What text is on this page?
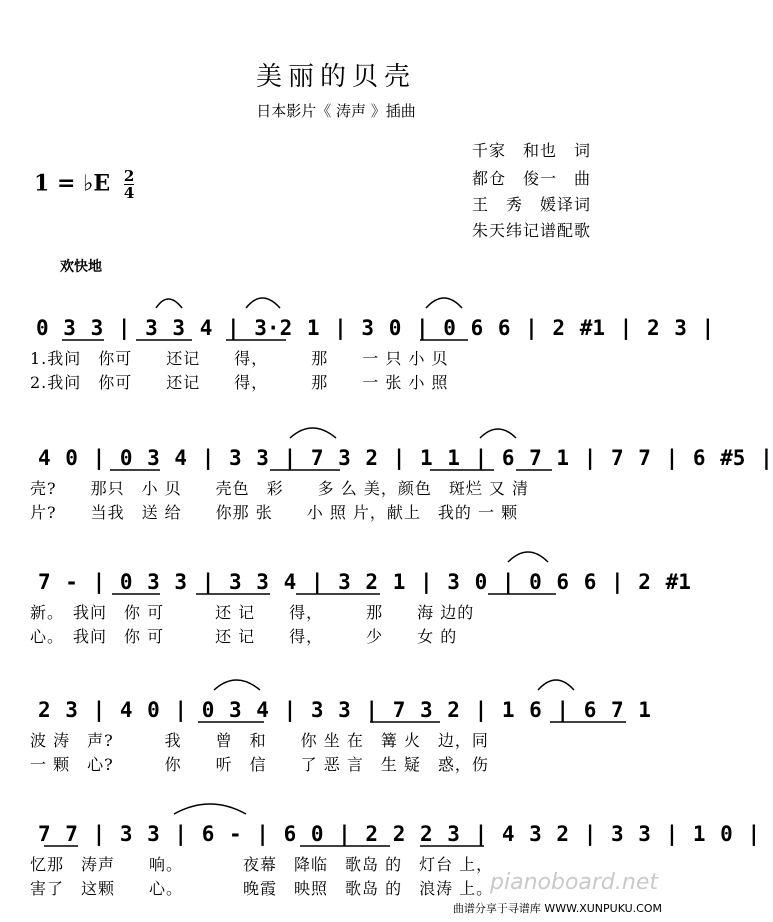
美丽的贝壳
日本影片《 涛声 》插曲
千家　和也　词
都仓　俊一　曲
王　秀　媛译词
朱天纬记谱配歌
1 = ♭E $\frac{2}{4}$
欢快地
0 3 3 | 3 3 4 | 3·2 1 | 3 0 | 0 6 6 | 2 #1 | 2 3 |
1.我问　你可　　还记　　得，　　　那　　一 只 小 贝
2.我问　你可　　还记　　得，　　　那　　一 张 小 照
4 0 | 0 3 4 | 3 3 | 7 3 2 | 1 1 | 6 7 1 | 7 7 | 6 #5 |
壳?　　那只　小 贝　　壳色　彩　　多 么 美，颜色　斑烂 又 清
片?　　当我　送 给　　你那 张　　小 照 片，献上　我的 一 颗
7 - | 0 3 3 | 3 3 4 | 3 2 1 | 3 0 | 0 6 6 | 2 #1
新。　我问　你 可　　　还 记　　得，　　　那　　海 边的
心。　我问　你 可　　　还 记　　得，　　　少　　女 的
2 3 | 4 0 | 0 3 4 | 3 3 | 7 3 2 | 1 6 | 6 7 1
波 涛　声?　　　我　　曾　和　　你 坐 在　篝 火　边，同
一 颗　心?　　　你　　听　信　　了 恶 言　生 疑　惑，伤
7 7 | 3 3 | 6 - | 6 0 | 2 2 2 3 | 4 3 2 | 3 3 | 1 0 |
忆那　涛声　　响。　　　　夜幕　降临　歌岛 的　灯台 上，
害了　这颗　　心。　　　　晚霞　映照　歌岛 的　浪涛 上。
pianoboard.net
曲谱分享于寻谱库 WWW.XUNPUKU.COM
